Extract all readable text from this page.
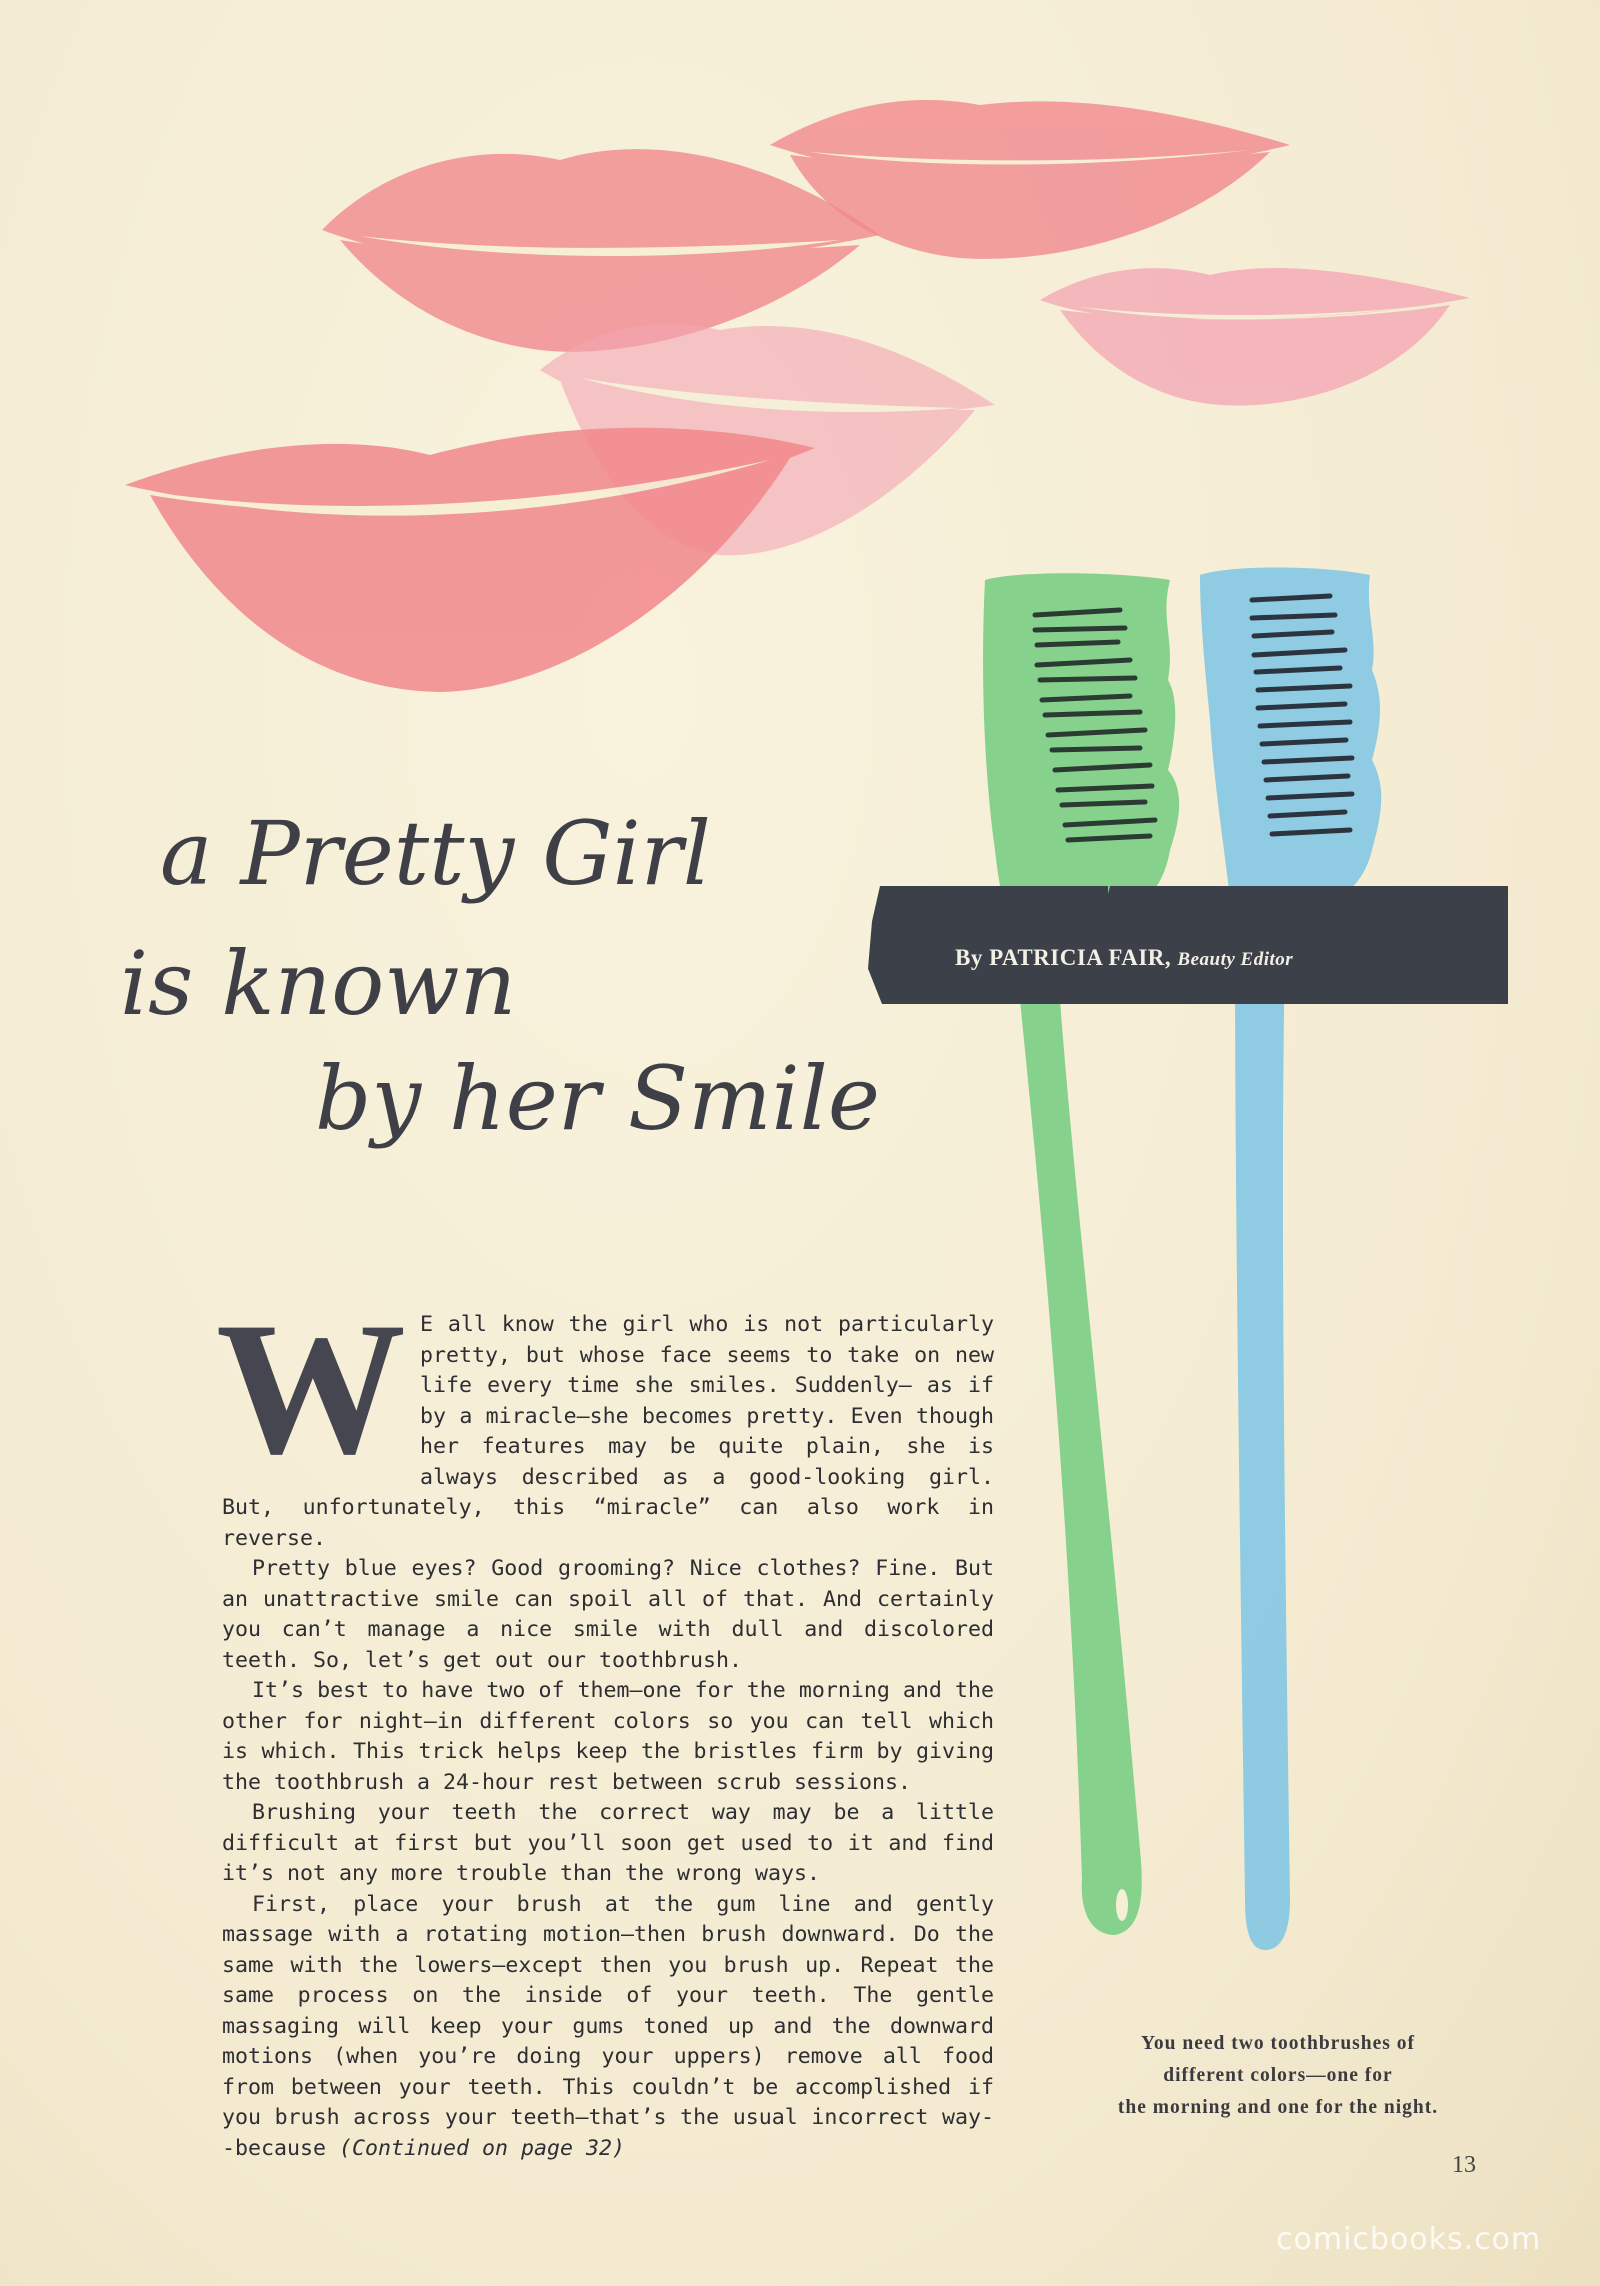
By PATRICIA FAIR, Beauty Editor
a Pretty Girl
is known
by her Smile

W E all know the girl who is not particularly pretty, but whose face seems to take on new life every time she smiles. Suddenly— as if by a miracle—she becomes pretty. Even though her features may be quite plain, she is always described as a good-looking girl. But, unfortunately, this “miracle” can also work in reverse.

Pretty blue eyes? Good grooming? Nice clothes? Fine. But an unattractive smile can spoil all of that. And certainly you can’t manage a nice smile with dull and discolored teeth. So, let’s get out our toothbrush.

It’s best to have two of them—one for the morning and the other for night—in different colors so you can tell which is which. This trick helps keep the bristles firm by giving the toothbrush a 24-hour rest between scrub sessions.

Brushing your teeth the correct way may be a little difficult at first but you’ll soon get used to it and find it’s not any more trouble than the wrong ways.

First, place your brush at the gum line and gently massage with a rotating motion—then brush downward. Do the same with the lowers—except then you brush up. Repeat the same process on the inside of your teeth. The gentle massaging will keep your gums toned up and the downward motions (when you’re doing your uppers) remove all food from between your teeth. This couldn’t be accomplished if you brush across your teeth—that’s the usual incorrect way--because (Continued on page 32)

You need two toothbrushes of
different colors—one for
the morning and one for the night.
13
comicbooks.com
